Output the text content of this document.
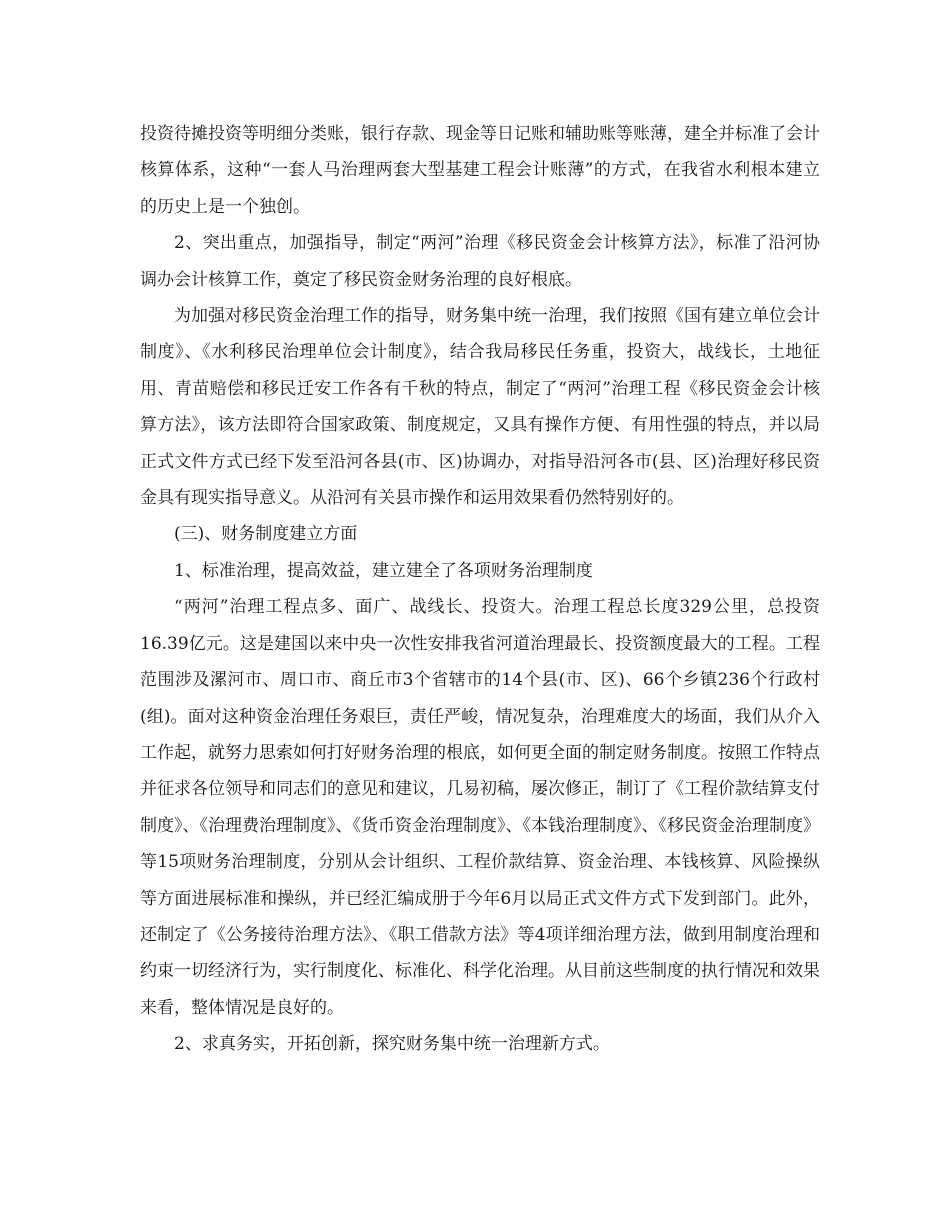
投资待摊投资等明细分类账，银行存款、现金等日记账和辅助账等账薄，建全并标准了会计核算体系，这种“一套人马治理两套大型基建工程会计账薄”的方式，在我省水利根本建立的历史上是一个独创。

2、突出重点，加强指导，制定“两河”治理《移民资金会计核算方法》，标准了沿河协调办会计核算工作，奠定了移民资金财务治理的良好根底。

为加强对移民资金治理工作的指导，财务集中统一治理，我们按照《国有建立单位会计制度》、《水利移民治理单位会计制度》，结合我局移民任务重，投资大，战线长，土地征用、青苗赔偿和移民迁安工作各有千秋的特点，制定了“两河”治理工程《移民资金会计核算方法》，该方法即符合国家政策、制度规定，又具有操作方便、有用性强的特点，并以局正式文件方式已经下发至沿河各县(市、区)协调办，对指导沿河各市(县、区)治理好移民资金具有现实指导意义。从沿河有关县市操作和运用效果看仍然特别好的。

(三)、财务制度建立方面

1、标准治理，提高效益，建立建全了各项财务治理制度

“两河”治理工程点多、面广、战线长、投资大。治理工程总长度329公里，总投资16.39亿元。这是建国以来中央一次性安排我省河道治理最长、投资额度最大的工程。工程范围涉及漯河市、周口市、商丘市3个省辖市的14个县(市、区)、66个乡镇236个行政村(组)。面对这种资金治理任务艰巨，责任严峻，情况复杂，治理难度大的场面，我们从介入工作起，就努力思索如何打好财务治理的根底，如何更全面的制定财务制度。按照工作特点并征求各位领导和同志们的意见和建议，几易初稿，屡次修正，制订了《工程价款结算支付制度》、《治理费治理制度》、《货币资金治理制度》、《本钱治理制度》、《移民资金治理制度》等15项财务治理制度，分别从会计组织、工程价款结算、资金治理、本钱核算、风险操纵等方面进展标准和操纵，并已经汇编成册于今年6月以局正式文件方式下发到部门。此外，还制定了《公务接待治理方法》、《职工借款方法》等4项详细治理方法，做到用制度治理和约束一切经济行为，实行制度化、标准化、科学化治理。从目前这些制度的执行情况和效果来看，整体情况是良好的。

2、求真务实，开拓创新，探究财务集中统一治理新方式。
